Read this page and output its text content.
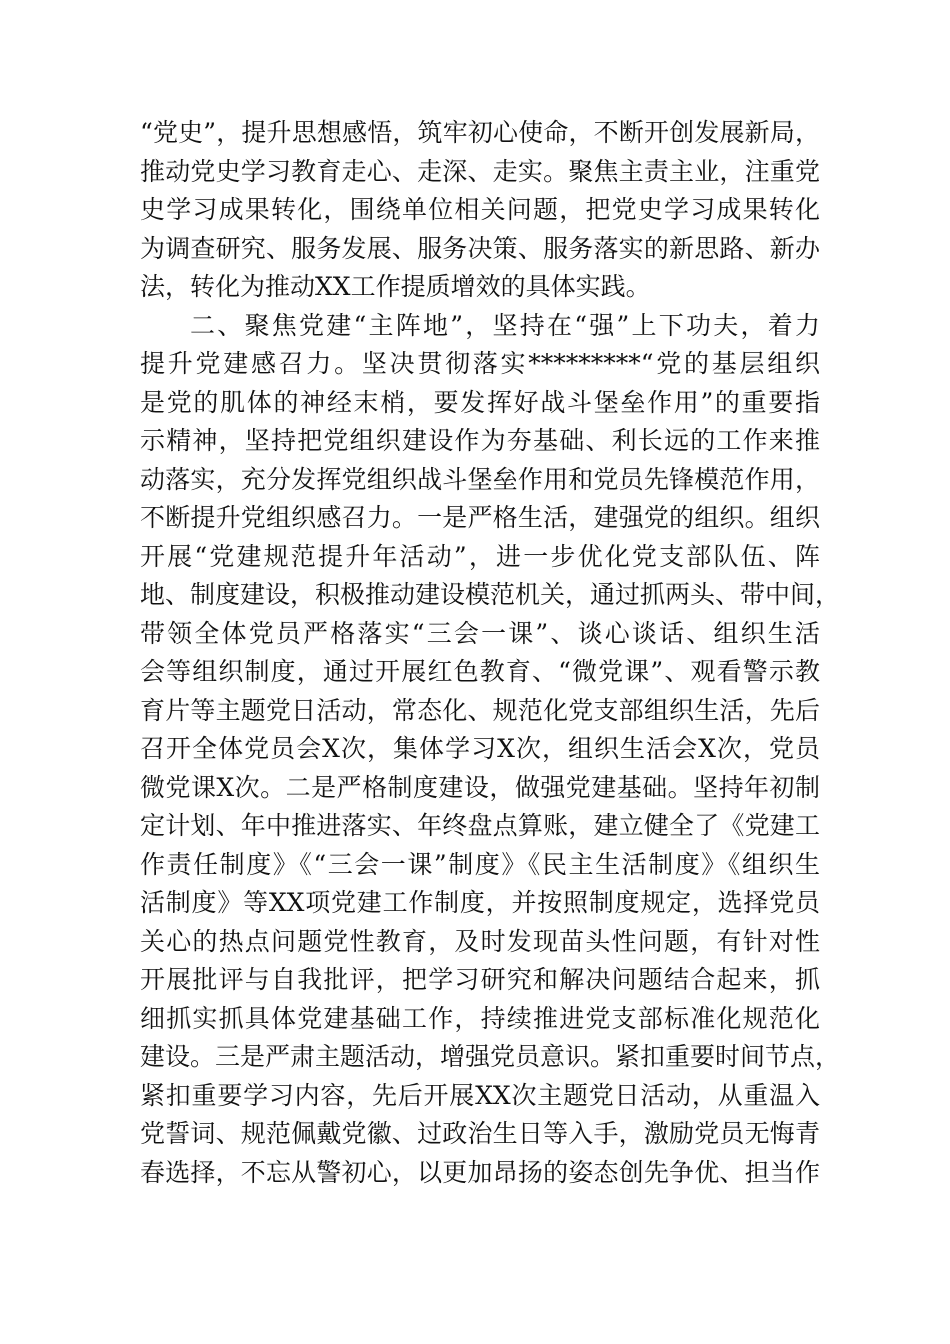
“党史”，提升思想感悟，筑牢初心使命，不断开创发展新局，
推动党史学习教育走心、走深、走实。聚焦主责主业，注重党
史学习成果转化，围绕单位相关问题，把党史学习成果转化
为调查研究、服务发展、服务决策、服务落实的新思路、新办
法，转化为推动XX工作提质增效的具体实践。
二、聚焦党建“主阵地”，坚持在“强”上下功夫，着力
提升党建感召力。坚决贯彻落实*********“党的基层组织
是党的肌体的神经末梢，要发挥好战斗堡垒作用”的重要指
示精神，坚持把党组织建设作为夯基础、利长远的工作来推
动落实，充分发挥党组织战斗堡垒作用和党员先锋模范作用，
不断提升党组织感召力。一是严格生活，建强党的组织。组织
开展“党建规范提升年活动”，进一步优化党支部队伍、阵
地、制度建设，积极推动建设模范机关，通过抓两头、带中间，
带领全体党员严格落实“三会一课”、谈心谈话、组织生活
会等组织制度，通过开展红色教育、“微党课”、观看警示教
育片等主题党日活动，常态化、规范化党支部组织生活，先后
召开全体党员会X次，集体学习X次，组织生活会X次，党员
微党课X次。二是严格制度建设，做强党建基础。坚持年初制
定计划、年中推进落实、年终盘点算账，建立健全了《党建工
作责任制度》《“三会一课”制度》《民主生活制度》《组织生
活制度》等XX项党建工作制度，并按照制度规定，选择党员
关心的热点问题党性教育，及时发现苗头性问题，有针对性
开展批评与自我批评，把学习研究和解决问题结合起来，抓
细抓实抓具体党建基础工作，持续推进党支部标准化规范化
建设。三是严肃主题活动，增强党员意识。紧扣重要时间节点，
紧扣重要学习内容，先后开展XX次主题党日活动，从重温入
党誓词、规范佩戴党徽、过政治生日等入手，激励党员无悔青
春选择，不忘从警初心，以更加昂扬的姿态创先争优、担当作
